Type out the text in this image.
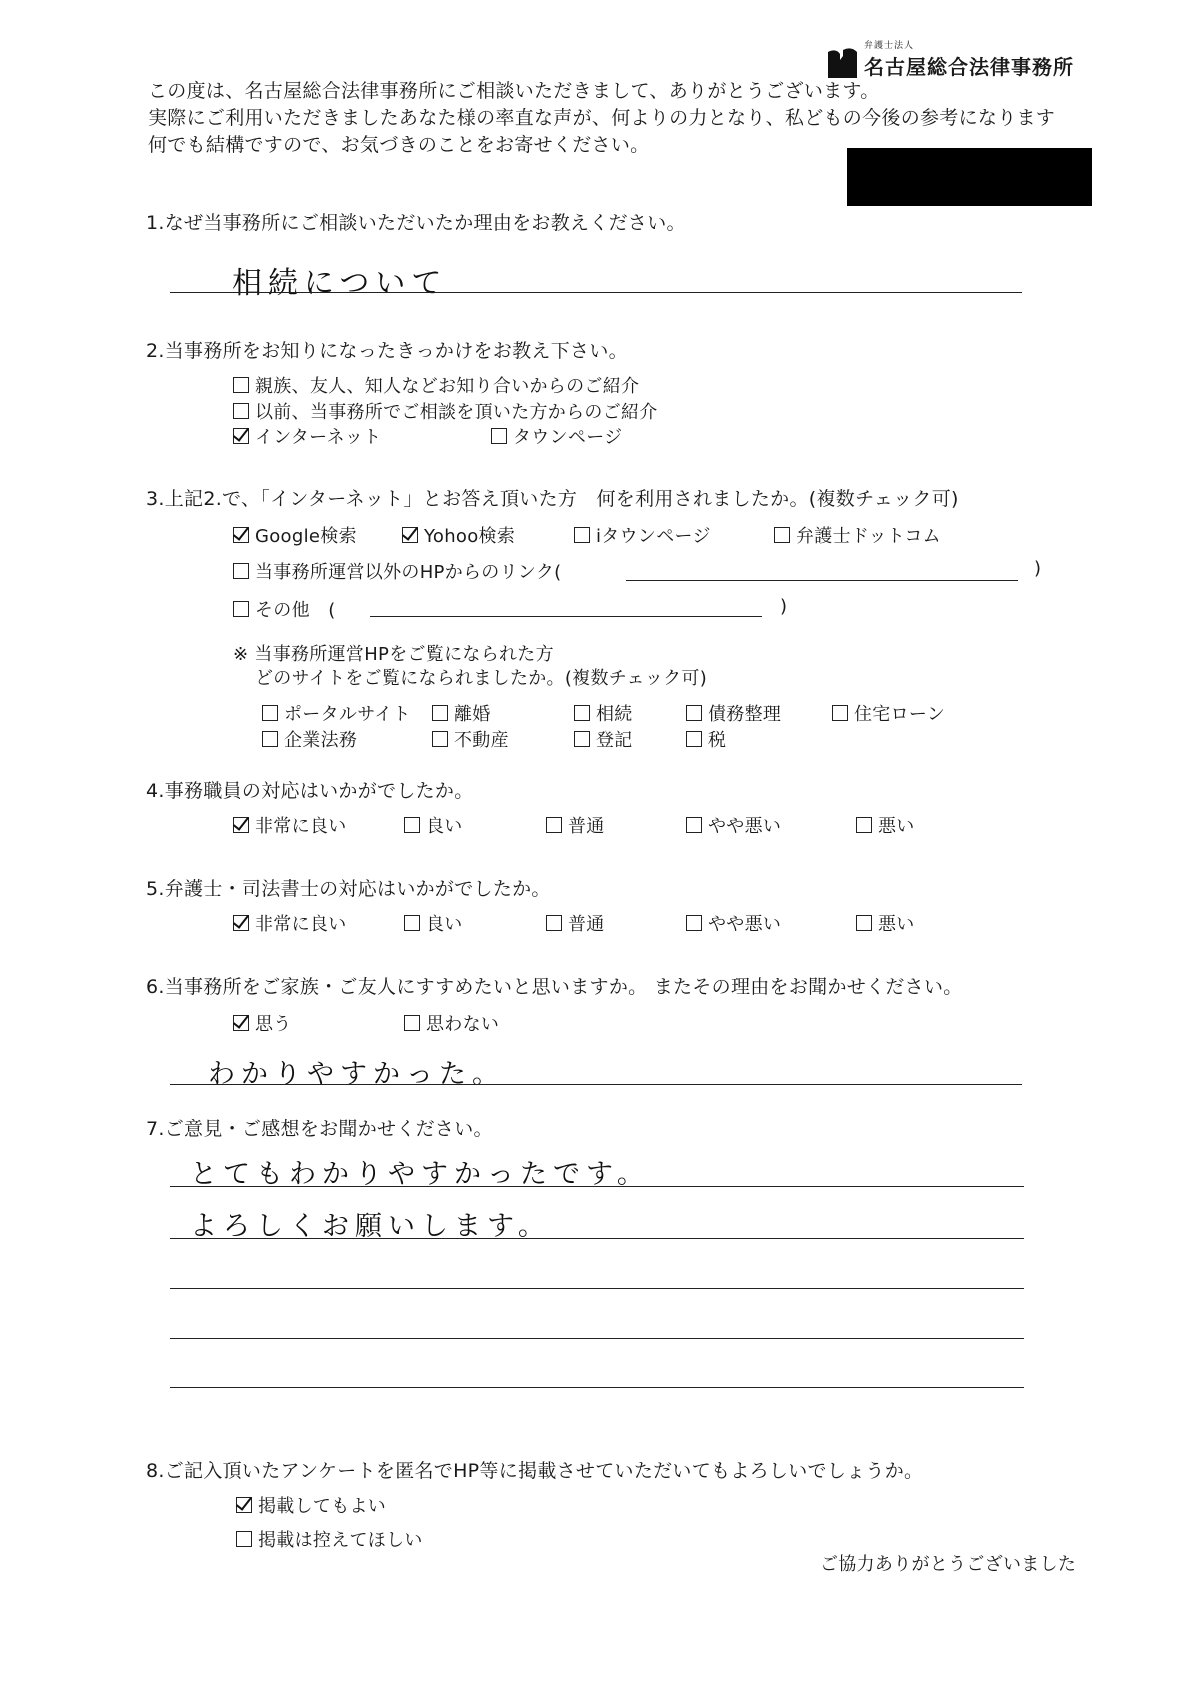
弁護士法人
名古屋総合法律事務所
この度は、名古屋総合法律事務所にご相談いただきまして、ありがとうございます。
実際にご利用いただきましたあなた様の率直な声が、何よりの力となり、私どもの今後の参考になります
何でも結構ですので、お気づきのことをお寄せください。
1.なぜ当事務所にご相談いただいたか理由をお教えください。
相続について
2.当事務所をお知りになったきっかけをお教え下さい。
親族、友人、知人などお知り合いからのご紹介
以前、当事務所でご相談を頂いた方からのご紹介
インターネット	タウンページ
3.上記2.で、「インターネット」とお答え頂いた方　何を利用されましたか。(複数チェック可)
Google検索	Yohoo検索	iタウンページ	弁護士ドットコム
当事務所運営以外のHPからのリンク(	)
その他　(	)
※ 当事務所運営HPをご覧になられた方
どのサイトをご覧になられましたか。(複数チェック可)
ポータルサイト 離婚	相続	債務整理	住宅ローン
企業法務	不動産	登記	税
4.事務職員の対応はいかがでしたか。
非常に良い	良い	普通	やや悪い	悪い
5.弁護士・司法書士の対応はいかがでしたか。
非常に良い	良い	普通	やや悪い	悪い
6.当事務所をご家族・ご友人にすすめたいと思いますか。 またその理由をお聞かせください。
思う	思わない
わかりやすかった。
7.ご意見・ご感想をお聞かせください。
とてもわかりやすかったです。
よろしくお願いします。
8.ご記入頂いたアンケートを匿名でHP等に掲載させていただいてもよろしいでしょうか。
掲載してもよい
掲載は控えてほしい
ご協力ありがとうございました
